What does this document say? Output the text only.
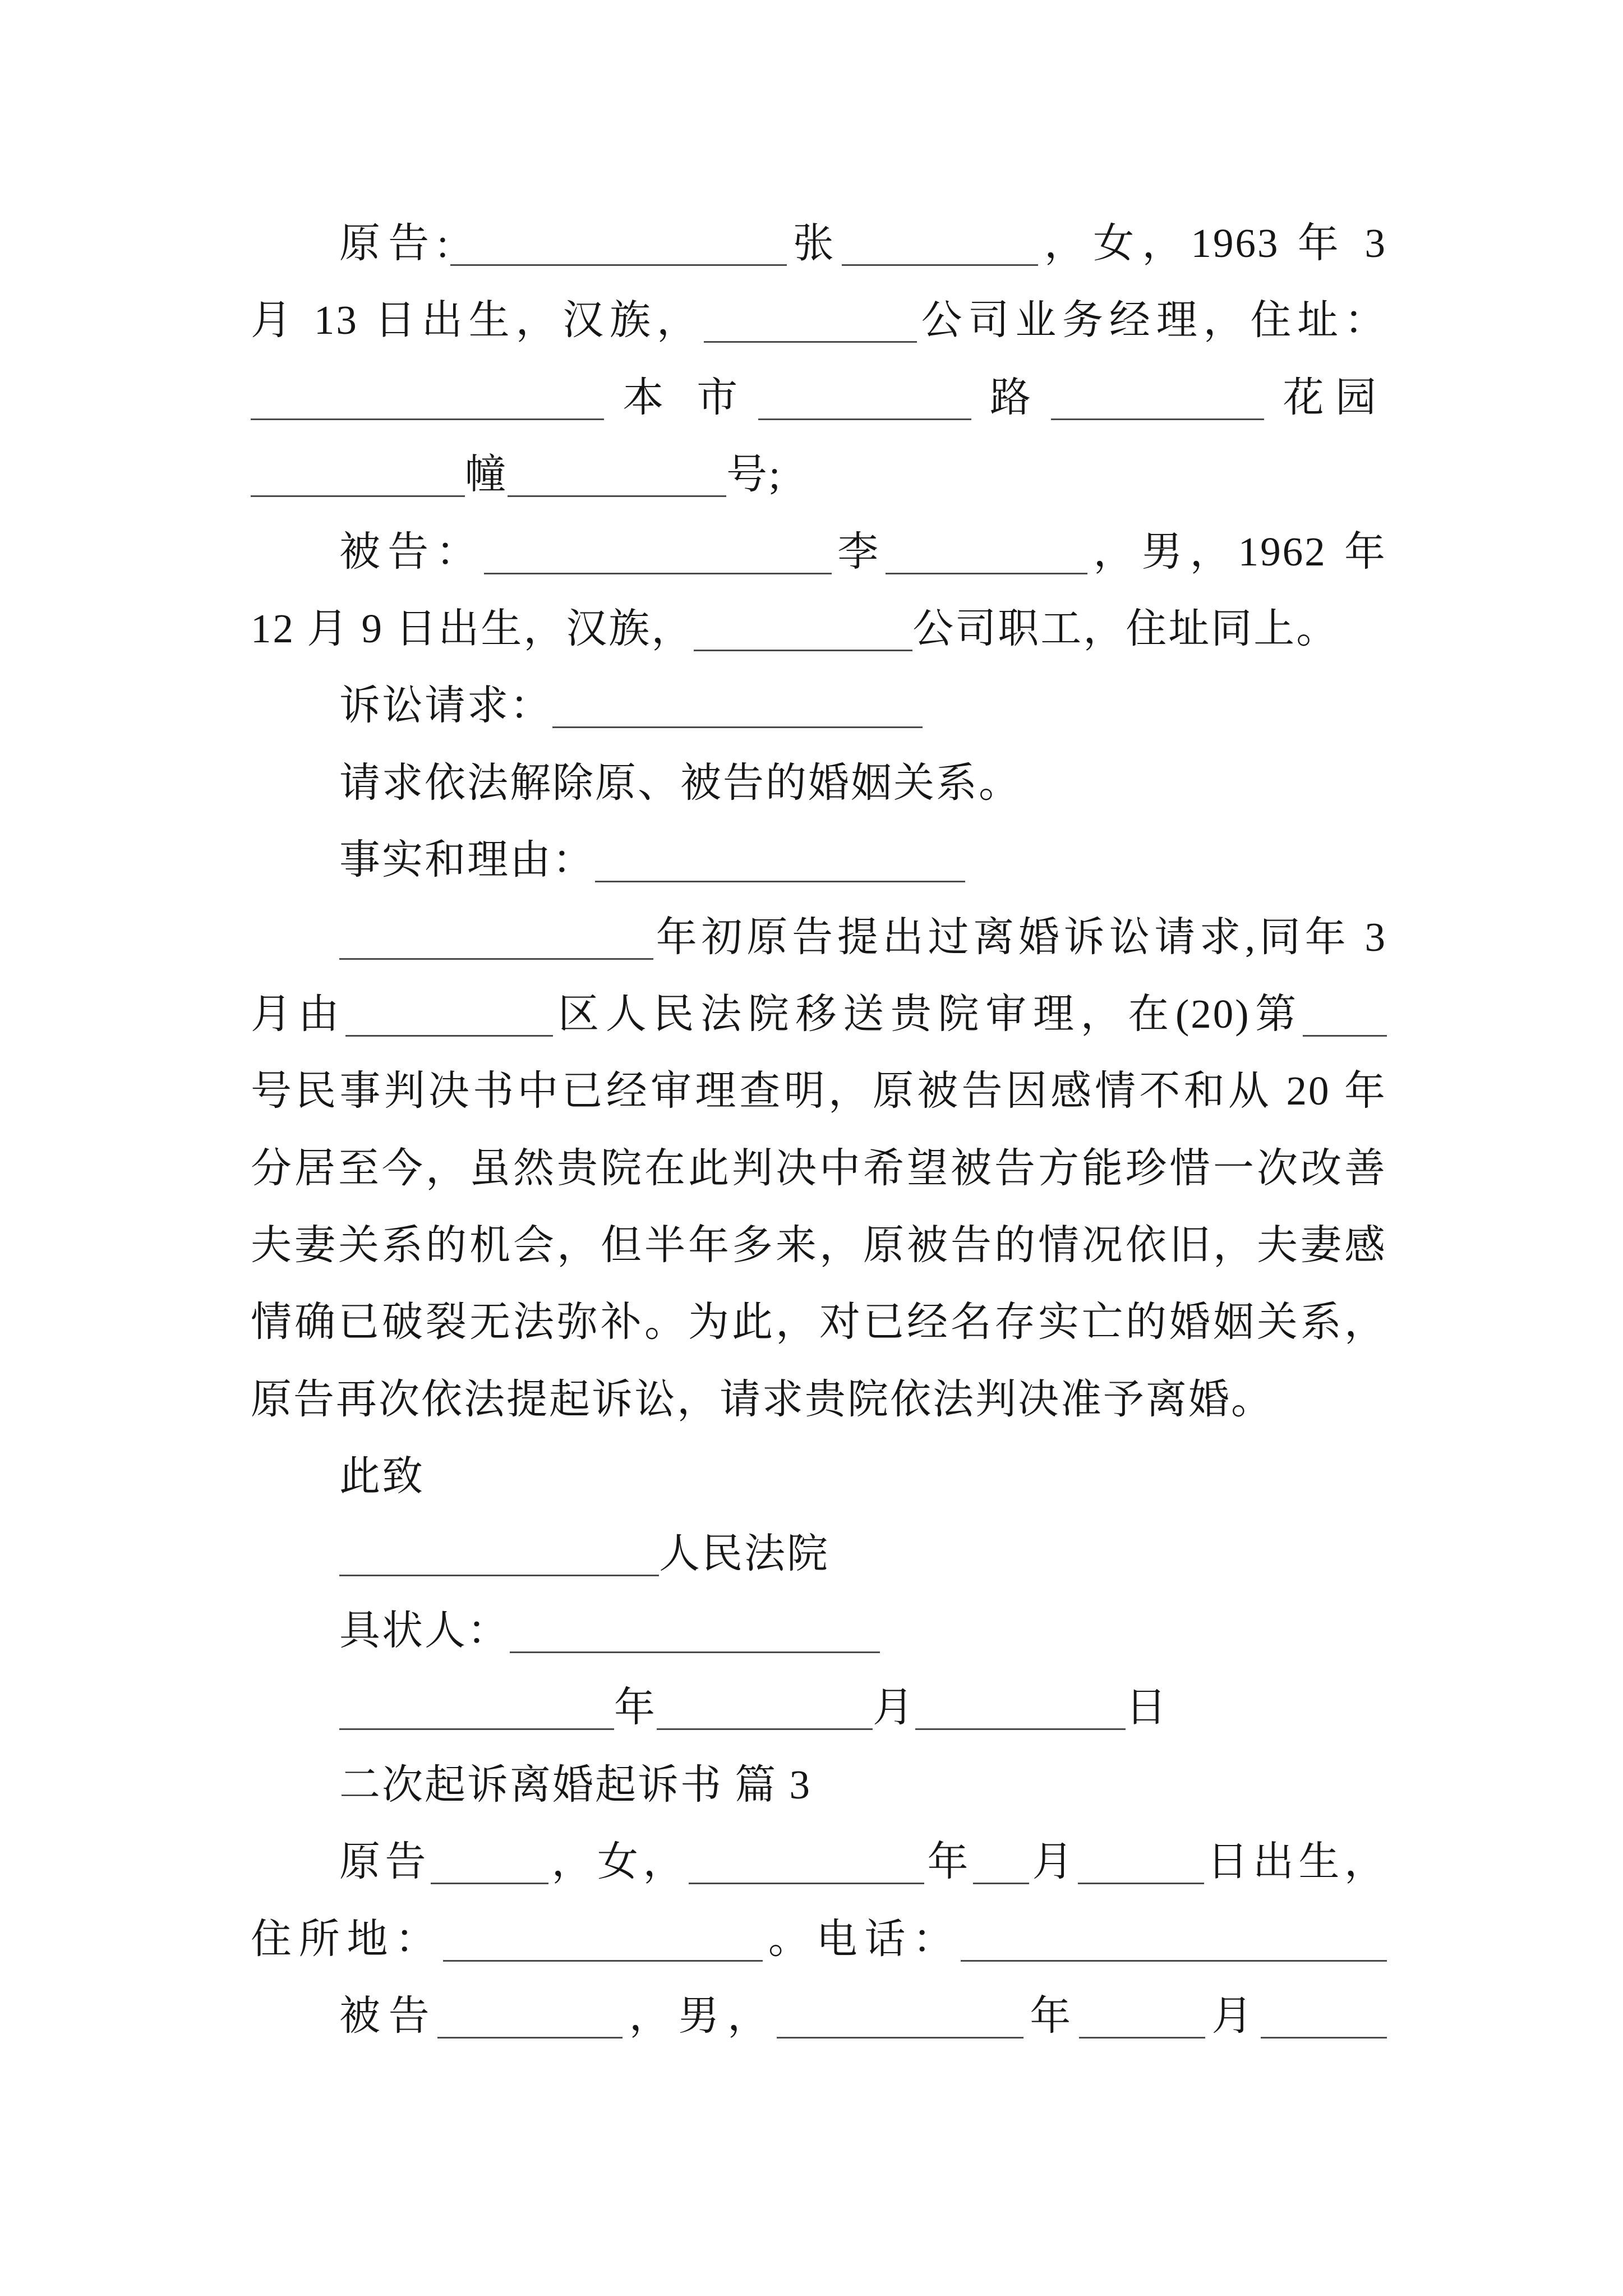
原告:	张	，女，1963 年 3
月 13 日出生，汉族，	公司业务经理，住址：
本 市	路	花园
幢	号;
被告：	李	，男，1962 年
12 月 9 日出生，汉族，	公司职工，住址同上。
诉讼请求：
请求依法解除原、被告的婚姻关系。
事实和理由：
年初原告提出过离婚诉讼请求,同年 3
月由	区人民法院移送贵院审理，在(20)第
号民事判决书中已经审理查明，原被告因感情不和从 20 年
分居至今，虽然贵院在此判决中希望被告方能珍惜一次改善
夫妻关系的机会，但半年多来，原被告的情况依旧，夫妻感
情确已破裂无法弥补。为此，对已经名存实亡的婚姻关系，
原告再次依法提起诉讼，请求贵院依法判决准予离婚。
此致
人民法院
具状人：
年	月	日
二次起诉离婚起诉书 篇 3
原告	，女，	年 月	日出生，
住所地：	。电话：
被告	，男，	年	月
